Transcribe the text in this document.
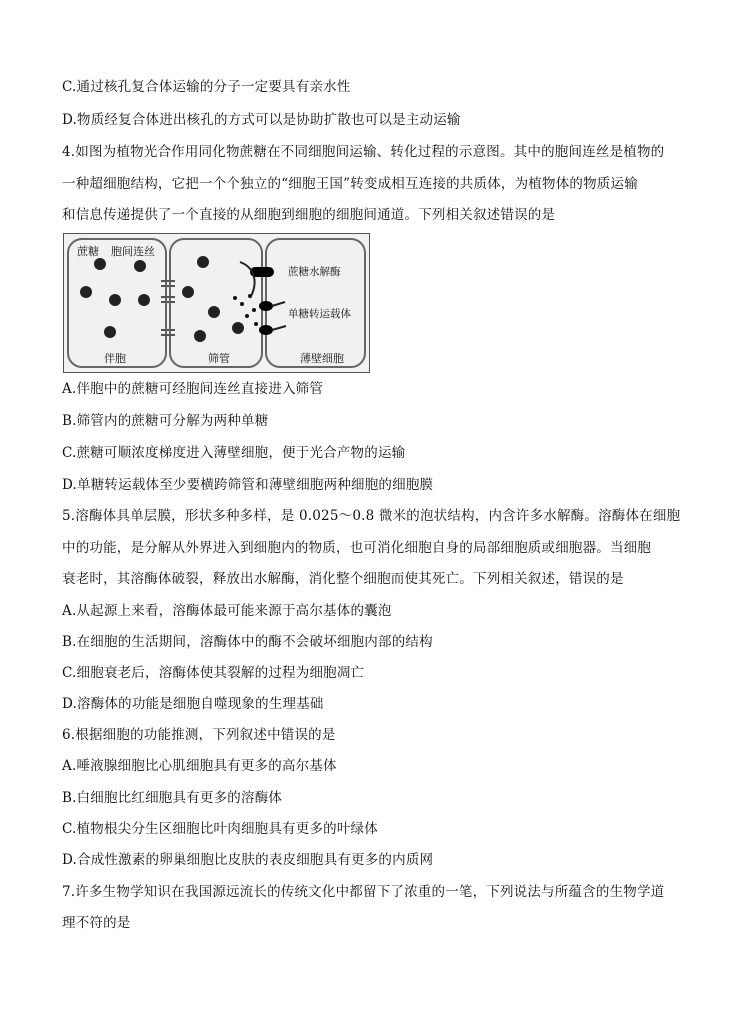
C.通过核孔复合体运输的分子一定要具有亲水性
D.物质经复合体进出核孔的方式可以是协助扩散也可以是主动运输
4.如图为植物光合作用同化物蔗糖在不同细胞间运输、转化过程的示意图。其中的胞间连丝是植物的
一种超细胞结构，它把一个个独立的“细胞王国”转变成相互连接的共质体，为植物体的物质运输
和信息传递提供了一个直接的从细胞到细胞的细胞间通道。下列相关叙述错误的是
蔗糖 胞间连丝
蔗糖水解酶
单糖转运载体
伴胞	筛管	薄壁细胞
A.伴胞中的蔗糖可经胞间连丝直接进入筛管
B.筛管内的蔗糖可分解为两种单糖
C.蔗糖可顺浓度梯度进入薄壁细胞，便于光合产物的运输
D.单糖转运载体至少要横跨筛管和薄壁细胞两种细胞的细胞膜
5.溶酶体具单层膜，形状多种多样，是 0.025～0.8 微米的泡状结构，内含许多水解酶。溶酶体在细胞
中的功能，是分解从外界进入到细胞内的物质，也可消化细胞自身的局部细胞质或细胞器。当细胞
衰老时，其溶酶体破裂，释放出水解酶，消化整个细胞而使其死亡。下列相关叙述，错误的是
A.从起源上来看，溶酶体最可能来源于高尔基体的囊泡
B.在细胞的生活期间，溶酶体中的酶不会破坏细胞内部的结构
C.细胞衰老后，溶酶体使其裂解的过程为细胞凋亡
D.溶酶体的功能是细胞自噬现象的生理基础
6.根据细胞的功能推测，下列叙述中错误的是
A.唾液腺细胞比心肌细胞具有更多的高尔基体
B.白细胞比红细胞具有更多的溶酶体
C.植物根尖分生区细胞比叶肉细胞具有更多的叶绿体
D.合成性激素的卵巢细胞比皮肤的表皮细胞具有更多的内质网
7.许多生物学知识在我国源远流长的传统文化中都留下了浓重的一笔，下列说法与所蕴含的生物学道
理不符的是
